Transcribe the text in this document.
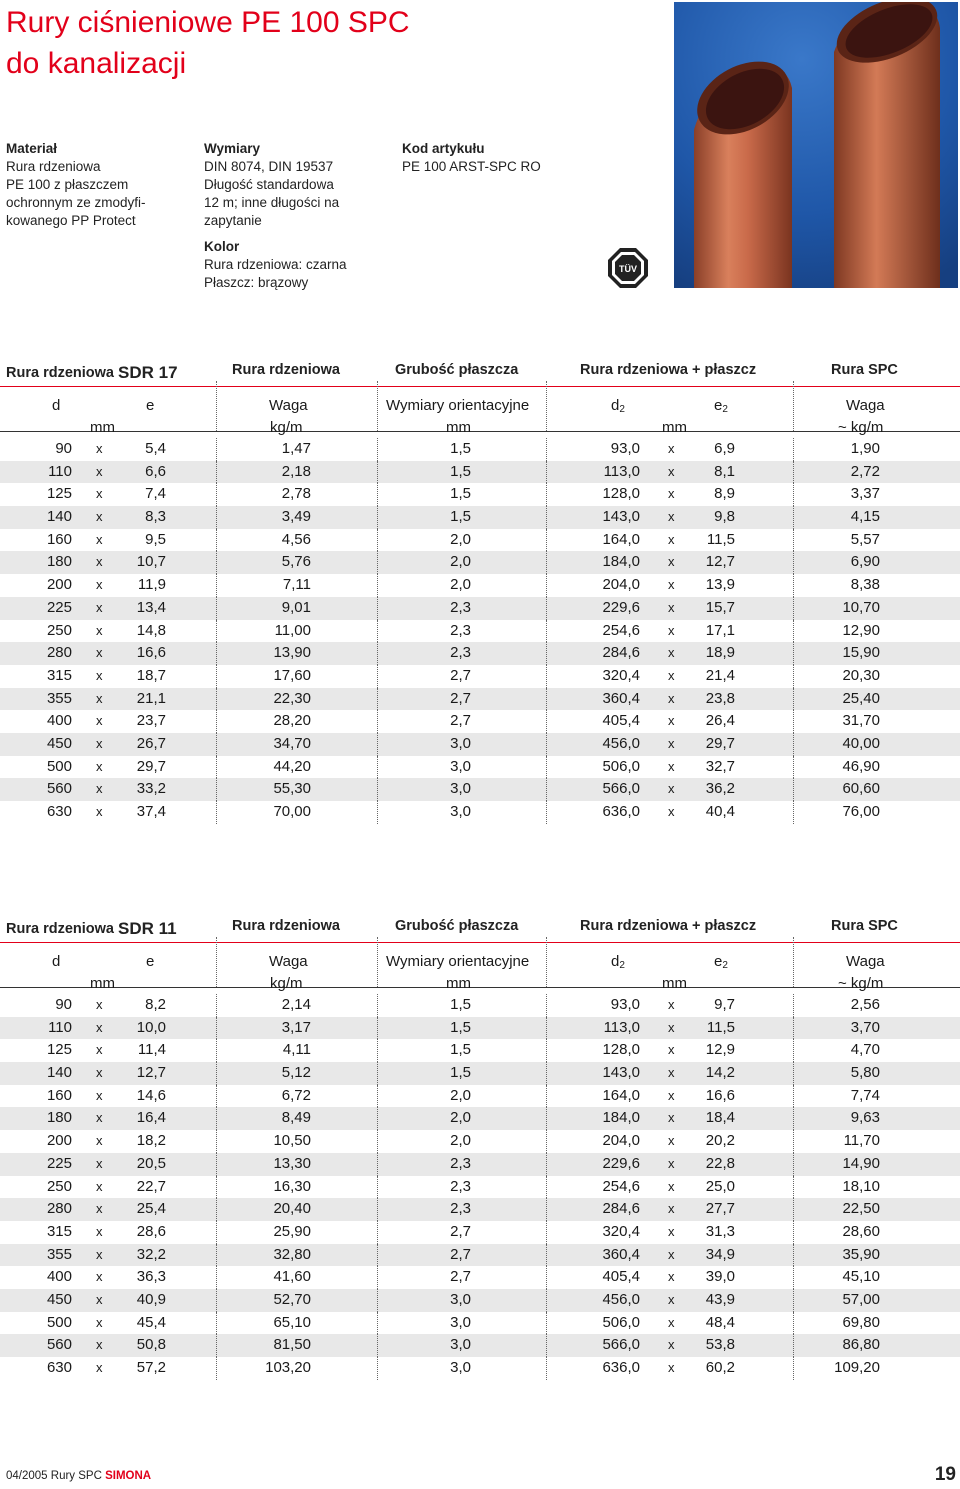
Rury ciśnieniowe PE 100 SPC
do kanalizacji
Materiał
Rura rdzeniowa
PE 100 z płaszczem
ochronnym ze zmodyfi-
kowanego PP Protect
Wymiary
DIN 8074, DIN 19537
Długość standardowa
12 m; inne długości na
zapytanie
Kolor
Rura rdzeniowa: czarna
Płaszcz: brązowy
Kod artykułu
PE 100 ARST-SPC RO
TÜV
Rura rdzeniowa SDR 17	Rura rdzeniowa	Grubość płaszcza	Rura rdzeniowa + płaszcz	Rura SPC
d	e	Waga	Wymiary orientacyjne	$d_2$	$e_2$	Waga
mm	kg/m	mm	mm	~ kg/m
90 x	5,4	1,47	1,5	93,0 x	6,9	1,90
110 x	6,6	2,18	1,5	113,0 x	8,1	2,72
125 x	7,4	2,78	1,5	128,0 x	8,9	3,37
140 x	8,3	3,49	1,5	143,0 x	9,8	4,15
160 x	9,5	4,56	2,0	164,0 x 11,5	5,57
180 x 10,7	5,76	2,0	184,0 x 12,7	6,90
200 x 11,9	7,11	2,0	204,0 x 13,9	8,38
225 x 13,4	9,01	2,3	229,6 x 15,7	10,70
250 x 14,8	11,00	2,3	254,6 x 17,1	12,90
280 x 16,6	13,90	2,3	284,6 x 18,9	15,90
315 x 18,7	17,60	2,7	320,4 x 21,4	20,30
355 x 21,1	22,30	2,7	360,4 x 23,8	25,40
400 x 23,7	28,20	2,7	405,4 x 26,4	31,70
450 x 26,7	34,70	3,0	456,0 x 29,7	40,00
500 x 29,7	44,20	3,0	506,0 x 32,7	46,90
560 x 33,2	55,30	3,0	566,0 x 36,2	60,60
630 x 37,4	70,00	3,0	636,0 x 40,4	76,00
Rura rdzeniowa SDR 11	Rura rdzeniowa	Grubość płaszcza	Rura rdzeniowa + płaszcz	Rura SPC
d	e	Waga	Wymiary orientacyjne	$d_2$	$e_2$	Waga
mm	kg/m	mm	mm	~ kg/m
90 x	8,2	2,14	1,5	93,0 x	9,7	2,56
110 x 10,0	3,17	1,5	113,0 x 11,5	3,70
125 x 11,4	4,11	1,5	128,0 x 12,9	4,70
140 x 12,7	5,12	1,5	143,0 x 14,2	5,80
160 x 14,6	6,72	2,0	164,0 x 16,6	7,74
180 x 16,4	8,49	2,0	184,0 x 18,4	9,63
200 x 18,2	10,50	2,0	204,0 x 20,2	11,70
225 x 20,5	13,30	2,3	229,6 x 22,8	14,90
250 x 22,7	16,30	2,3	254,6 x 25,0	18,10
280 x 25,4	20,40	2,3	284,6 x 27,7	22,50
315 x 28,6	25,90	2,7	320,4 x 31,3	28,60
355 x 32,2	32,80	2,7	360,4 x 34,9	35,90
400 x 36,3	41,60	2,7	405,4 x 39,0	45,10
450 x 40,9	52,70	3,0	456,0 x 43,9	57,00
500 x 45,4	65,10	3,0	506,0 x 48,4	69,80
560 x 50,8	81,50	3,0	566,0 x 53,8	86,80
630 x 57,2	103,20	3,0	636,0 x 60,2	109,20
04/2005 Rury SPC SIMONA	19
